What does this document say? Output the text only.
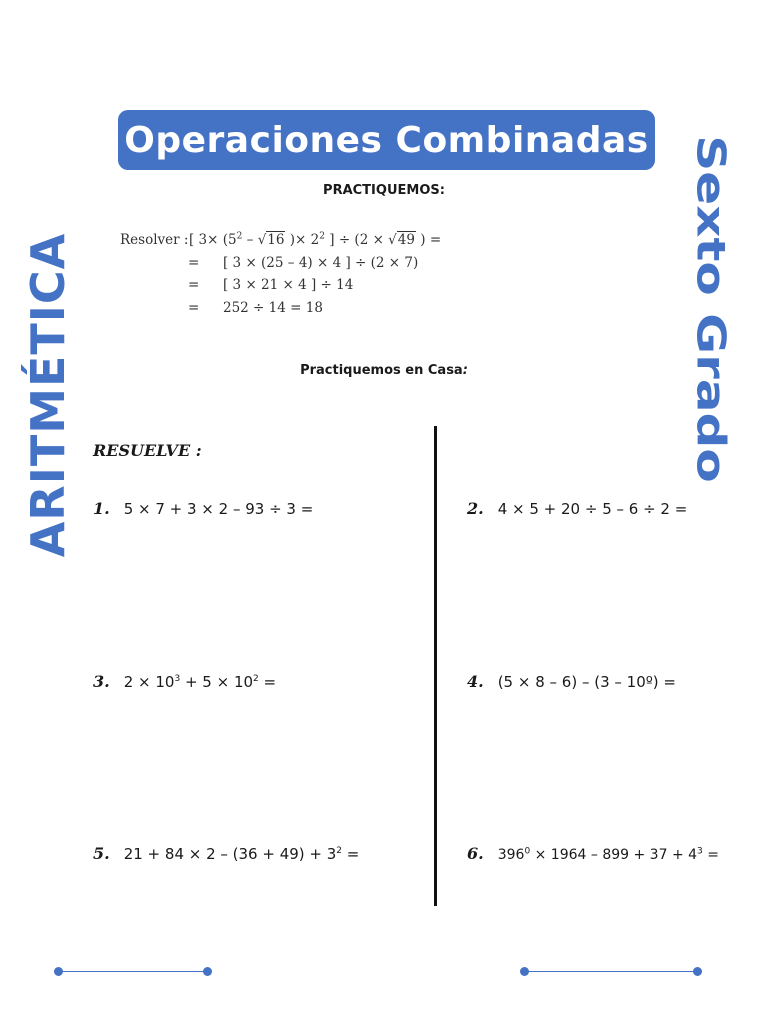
Operaciones Combinadas
PRACTIQUEMOS:
ARITMÉTICA	Sexto Grado
Resolver : [ $3\times (5^2 - √16$ )× $2^2$ ] ÷ (2 × √49 ) =
= [ 3 × (25 – 4) × 4 ] ÷ (2 × 7)
= [ 3 × 21 × 4 ] ÷ 14
= 252 ÷ 14 = 18
Practiquemos en Casa:
RESUELVE :
1. 5 × 7 + 3 × 2 – 93 ÷ 3 =	2. 4 × 5 + 20 ÷ 5 – 6 ÷ 2 =
3. $2 \times 10^3 + 5 \times 10^2$ =	4. (5 × 8 – 6) – (3 – 10º) =
5. $21 + 84 \times 2 - (36 + 49) + 3^2$ =	6. $396^0 \times 1964 - 899 + 37 + 4^3$ =
